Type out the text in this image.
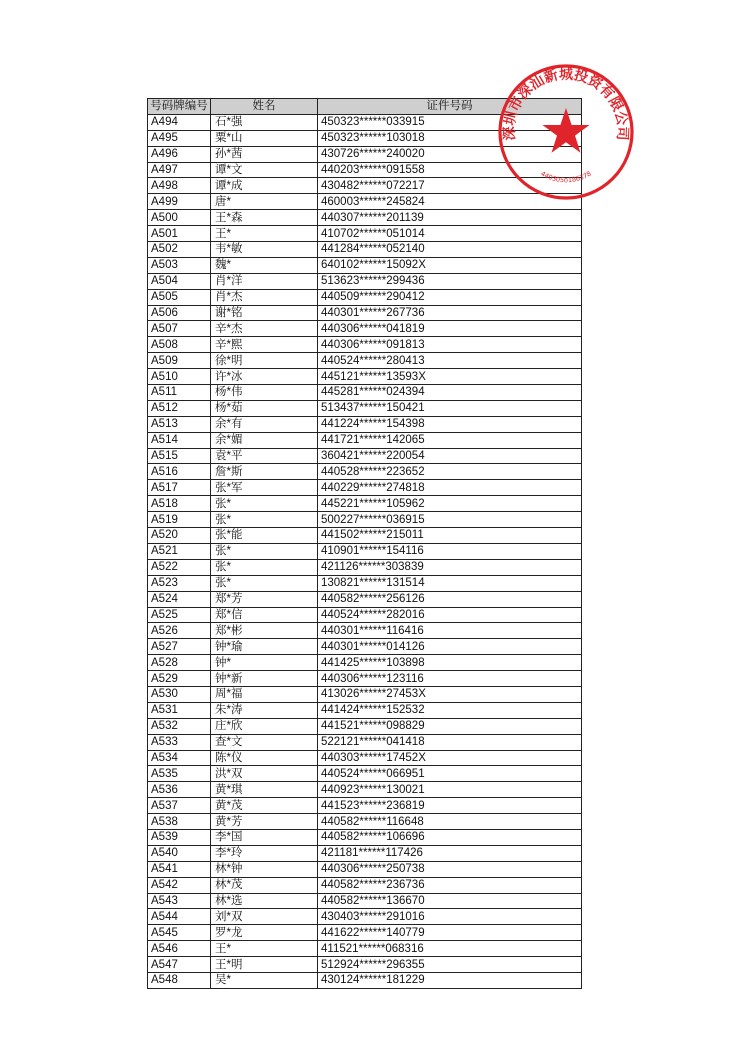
号码牌编号	姓名	证件号码
A494	石*强	450323******033915
A495	粟*山	450323******103018
A496	孙*茜	430726******240020
A497	谭*文	440203******091558
A498	谭*成	430482******072217
A499	唐*	460003******245824
A500	王*森	440307******201139
A501	王*	410702******051014
A502	韦*敏	441284******052140
A503	魏*	640102******15092X
A504	肖*洋	513623******299436
A505	肖*杰	440509******290412
A506	谢*铭	440301******267736
A507	辛*杰	440306******041819
A508	辛*熙	440306******091813
A509	徐*明	440524******280413
A510	许*冰	445121******13593X
A511	杨*伟	445281******024394
A512	杨*茹	513437******150421
A513	余*有	441224******154398
A514	余*媚	441721******142065
A515	袁*平	360421******220054
A516	詹*斯	440528******223652
A517	张*军	440229******274818
A518	张*	445221******105962
A519	张*	500227******036915
A520	张*能	441502******215011
A521	张*	410901******154116
A522	张*	421126******303839
A523	张*	130821******131514
A524	郑*芳	440582******256126
A525	郑*信	440524******282016
A526	郑*彬	440301******116416
A527	钟*瑜	440301******014126
A528	钟*	441425******103898
A529	钟*新	440306******123116
A530	周*福	413026******27453X
A531	朱*涛	441424******152532
A532	庄*欣	441521******098829
A533	查*文	522121******041418
A534	陈*仪	440303******17452X
A535	洪*双	440524******066951
A536	黄*琪	440923******130021
A537	黄*茂	441523******236819
A538	黄*芳	440582******116648
A539	李*国	440582******106696
A540	李*玲	421181******117426
A541	林*钟	440306******250738
A542	林*茂	440582******236736
A543	林*选	440582******136670
A544	刘*双	430403******291016
A545	罗*龙	441622******140779
A546	王*	411521******068316
A547	王*明	512924******296355
A548	吴*	430124******181229
深圳市深汕新城投资有限公司
4403050186378
